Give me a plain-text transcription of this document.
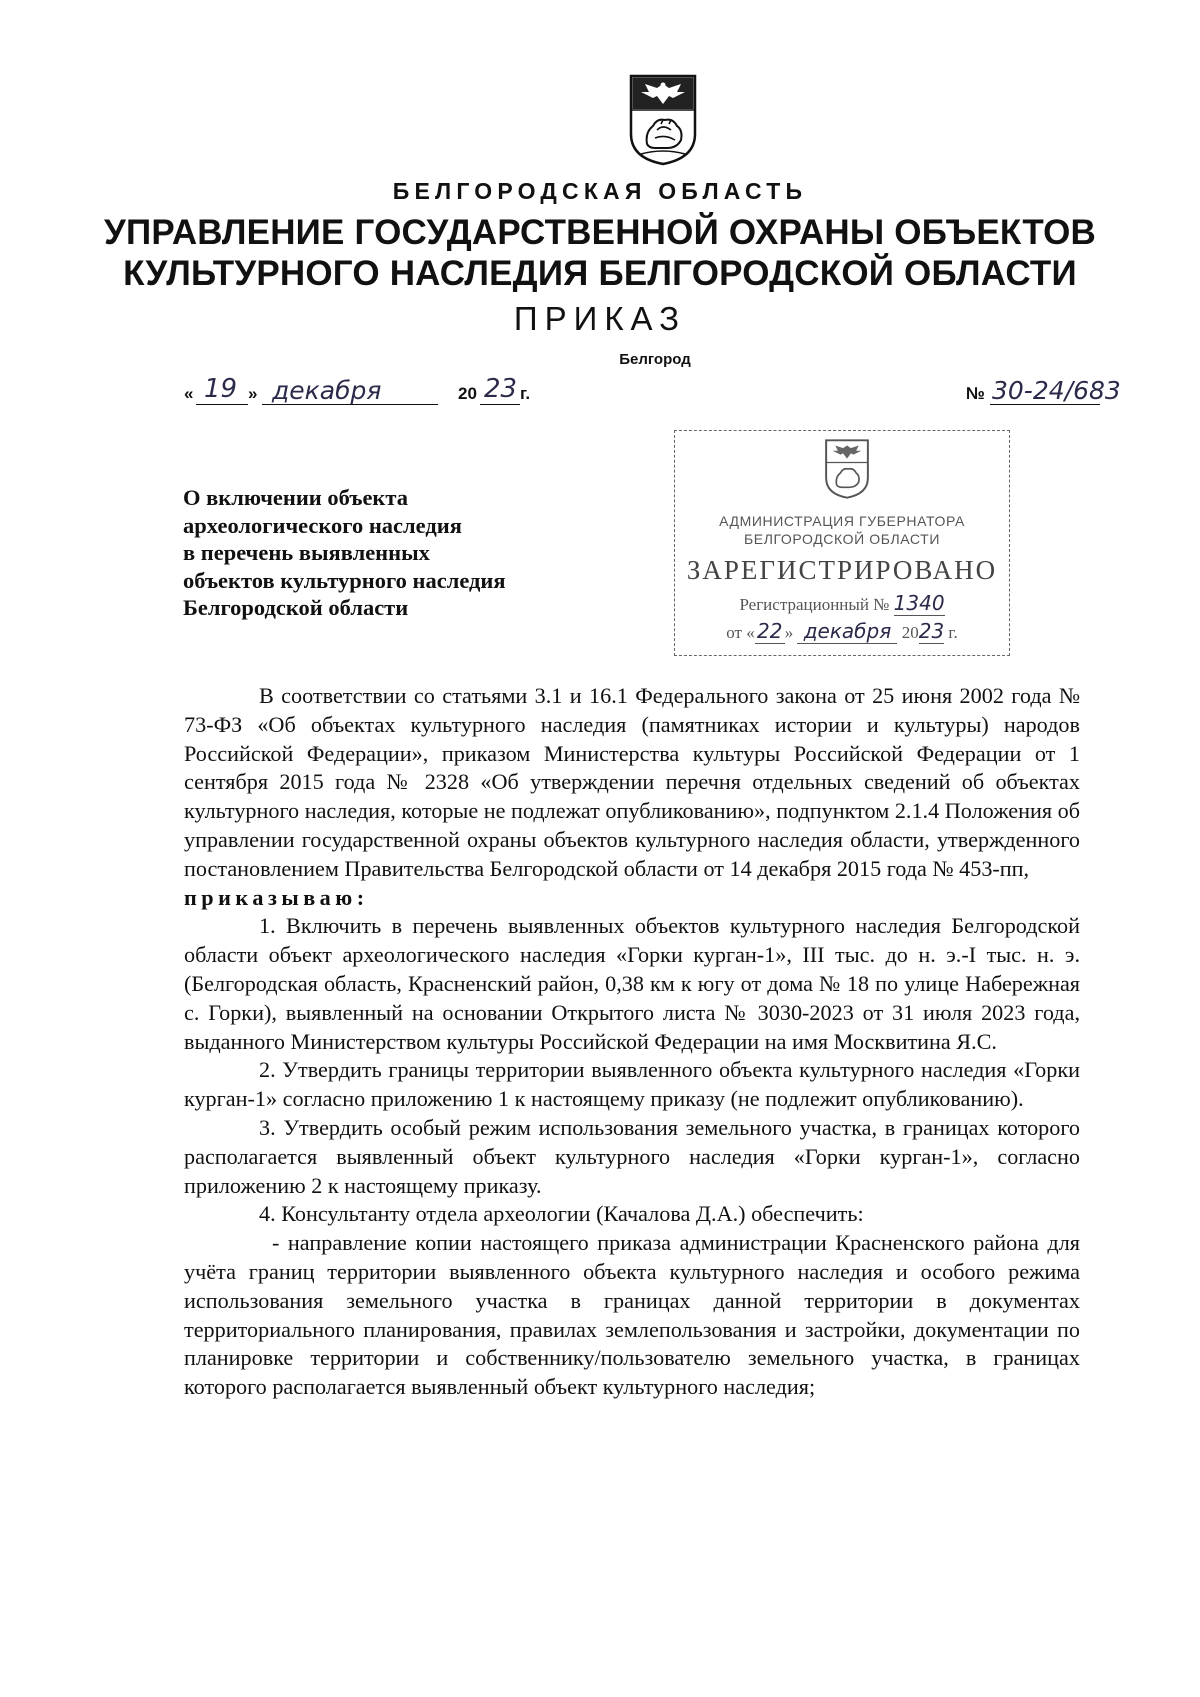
БЕЛГОРОДСКАЯ ОБЛАСТЬ
УПРАВЛЕНИЕ ГОСУДАРСТВЕННОЙ ОХРАНЫ ОБЪЕКТОВ
КУЛЬТУРНОГО НАСЛЕДИЯ БЕЛГОРОДСКОЙ ОБЛАСТИ
ПРИКАЗ
Белгород
« 19 » декабря	20 23 г.	№ 30-24/683
АДМИНИСТРАЦИЯ ГУБЕРНАТОРА
БЕЛГОРОДСКОЙ ОБЛАСТИ
ЗАРЕГИСТРИРОВАНО
Регистрационный № 1340
от « 22 » декабря 2023 г.
О включении объекта
археологического наследия
в перечень выявленных
объектов культурного наследия
Белгородской области

В соответствии со статьями 3.1 и 16.1 Федерального закона от 25 июня 2002 года № 73-ФЗ «Об объектах культурного наследия (памятниках истории и культуры) народов Российской Федерации», приказом Министерства культуры Российской Федерации от 1 сентября 2015 года № 2328 «Об утверждении перечня отдельных сведений об объектах культурного наследия, которые не подлежат опубликованию», подпунктом 2.1.4 Положения об управлении государственной охраны объектов культурного наследия области, утвержденного постановлением Правительства Белгородской области от 14 декабря 2015 года № 453-пп,

приказываю:

1. Включить в перечень выявленных объектов культурного наследия Белгородской области объект археологического наследия «Горки курган-1», III тыс. до н. э.-I тыс. н. э. (Белгородская область, Красненский район, 0,38 км к югу от дома № 18 по улице Набережная с. Горки), выявленный на основании Открытого листа № 3030-2023 от 31 июля 2023 года, выданного Министерством культуры Российской Федерации на имя Москвитина Я.С.

2. Утвердить границы территории выявленного объекта культурного наследия «Горки курган-1» согласно приложению 1 к настоящему приказу (не подлежит опубликованию).

3. Утвердить особый режим использования земельного участка, в границах которого располагается выявленный объект культурного наследия «Горки курган-1», согласно приложению 2 к настоящему приказу.

4. Консультанту отдела археологии (Качалова Д.А.) обеспечить:

- направление копии настоящего приказа администрации Красненского района для учёта границ территории выявленного объекта культурного наследия и особого режима использования земельного участка в границах данной территории в документах территориального планирования, правилах землепользования и застройки, документации по планировке территории и собственнику/пользователю земельного участка, в границах которого располагается выявленный объект культурного наследия;
